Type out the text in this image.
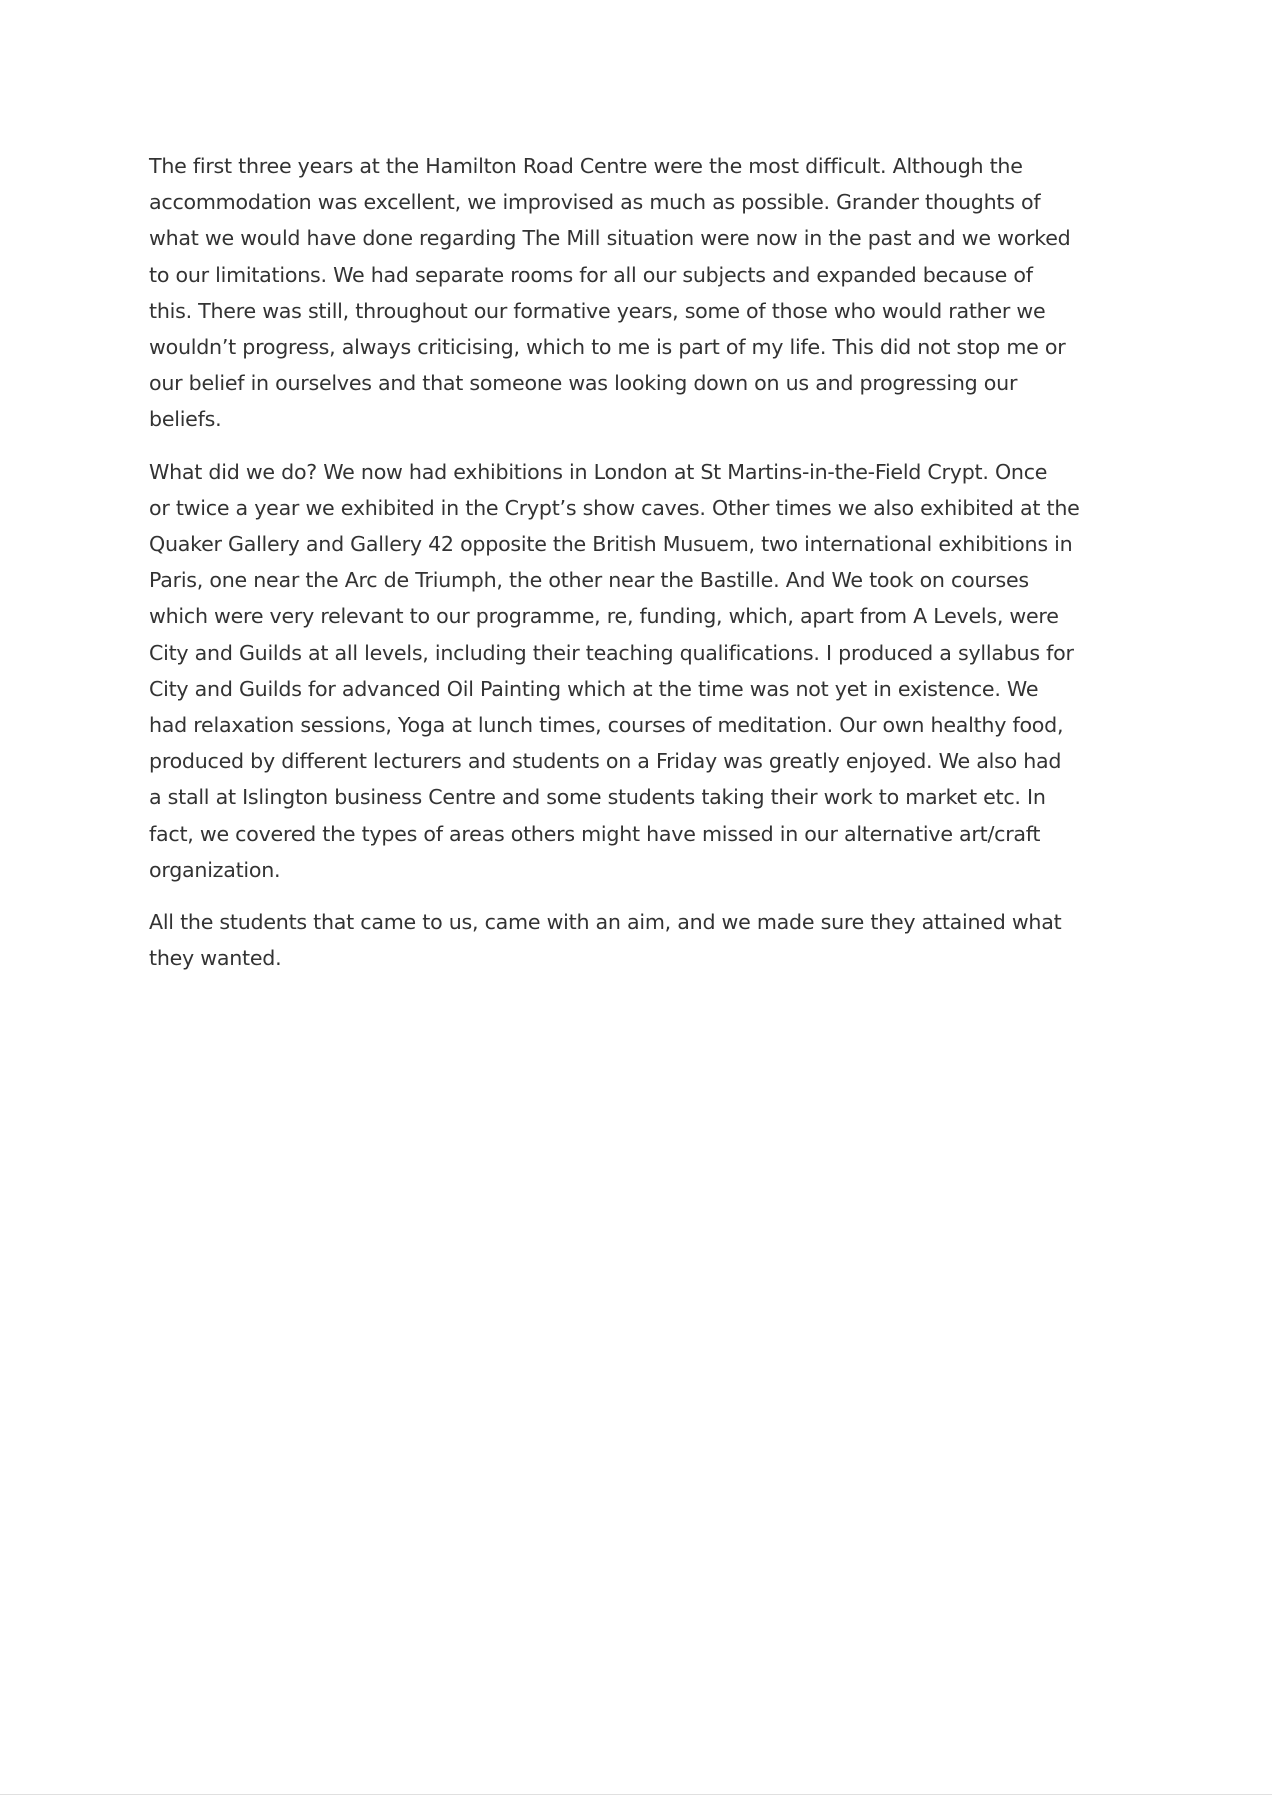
The first three years at the Hamilton Road Centre were the most difficult. Although the
accommodation was excellent, we improvised as much as possible. Grander thoughts of
what we would have done regarding The Mill situation were now in the past and we worked
to our limitations. We had separate rooms for all our subjects and expanded because of
this. There was still, throughout our formative years, some of those who would rather we
wouldn’t progress, always criticising, which to me is part of my life. This did not stop me or
our belief in ourselves and that someone was looking down on us and progressing our
beliefs.

What did we do? We now had exhibitions in London at St Martins-in-the-Field Crypt. Once
or twice a year we exhibited in the Crypt’s show caves. Other times we also exhibited at the
Quaker Gallery and Gallery 42 opposite the British Musuem, two international exhibitions in
Paris, one near the Arc de Triumph, the other near the Bastille. And We took on courses
which were very relevant to our programme, re, funding, which, apart from A Levels, were
City and Guilds at all levels, including their teaching qualifications. I produced a syllabus for
City and Guilds for advanced Oil Painting which at the time was not yet in existence. We
had relaxation sessions, Yoga at lunch times, courses of meditation. Our own healthy food,
produced by different lecturers and students on a Friday was greatly enjoyed. We also had
a stall at Islington business Centre and some students taking their work to market etc. In
fact, we covered the types of areas others might have missed in our alternative art/craft
organization.

All the students that came to us, came with an aim, and we made sure they attained what
they wanted.
